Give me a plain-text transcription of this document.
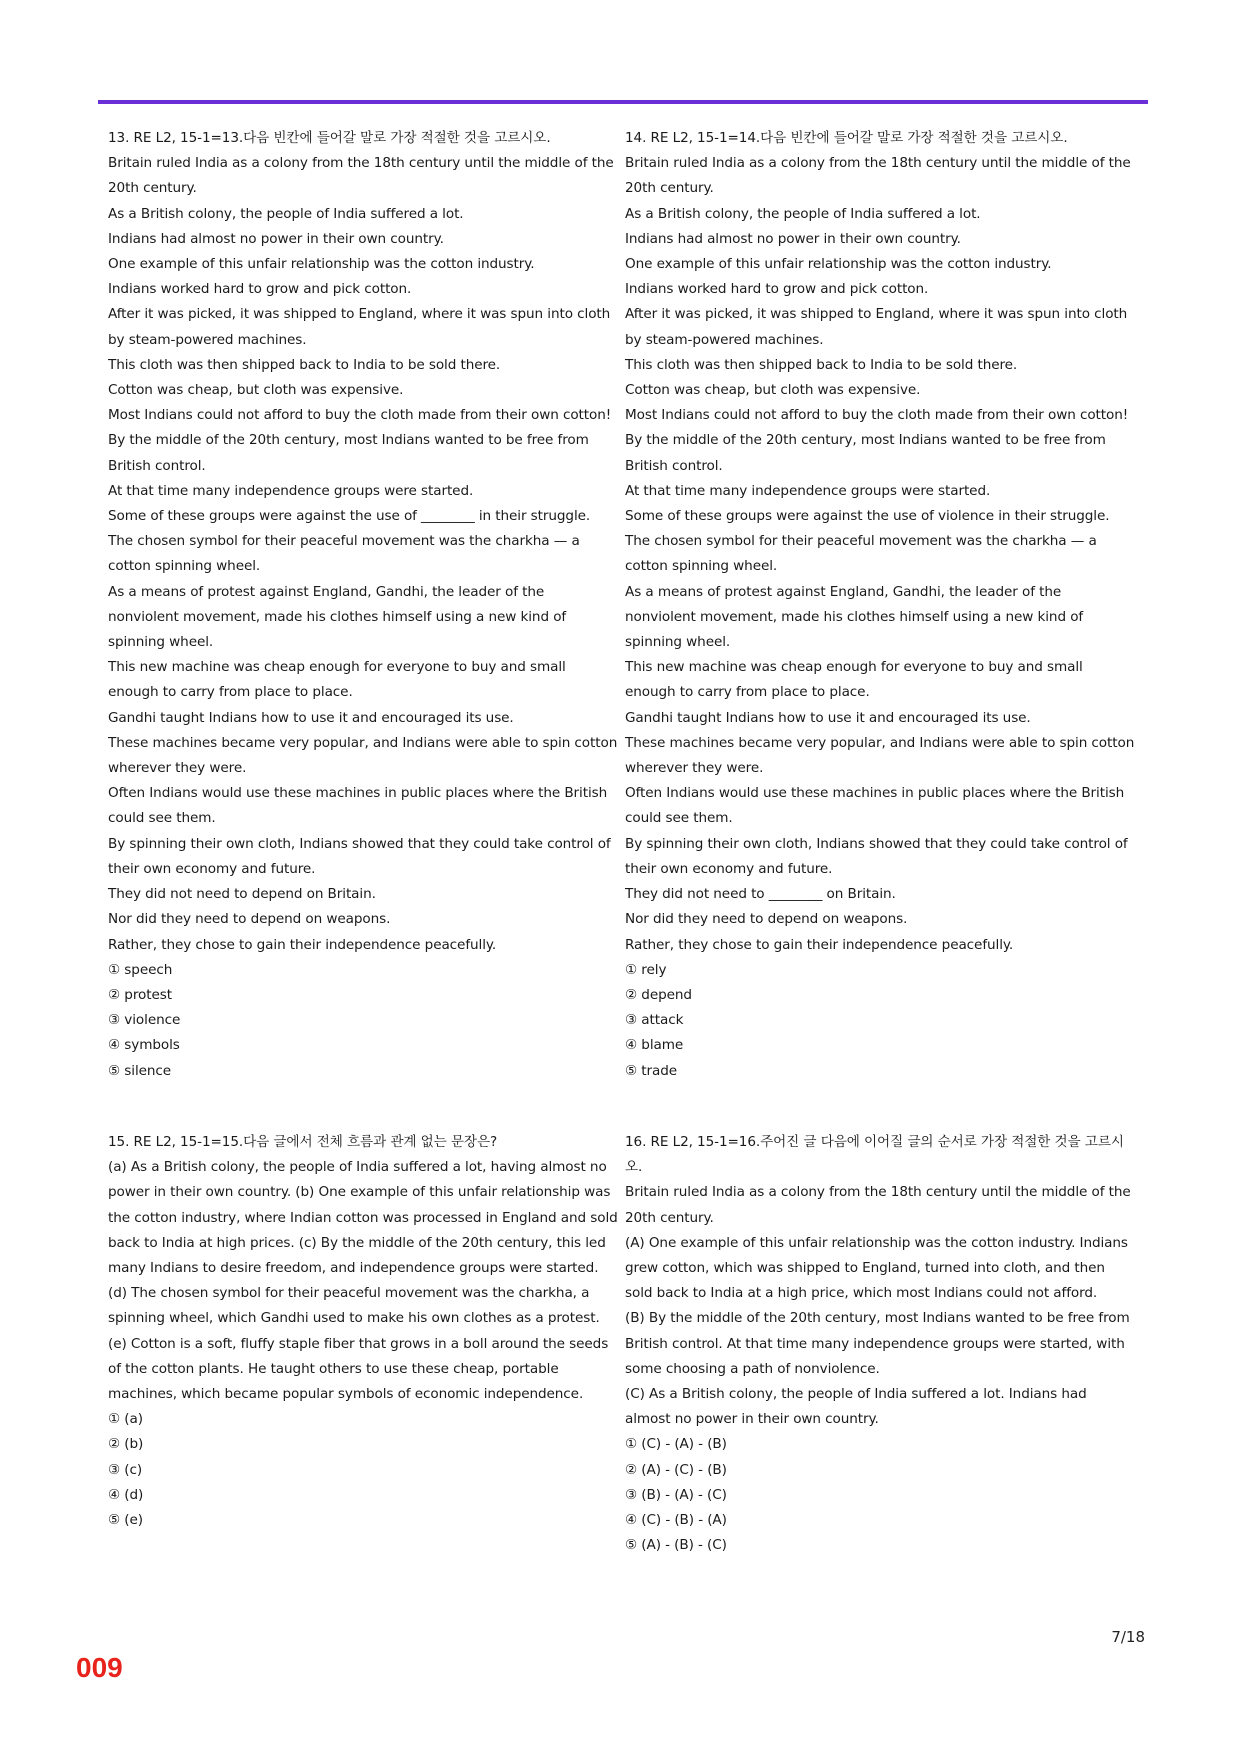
13. RE L2, 15-1=13.다음 빈칸에 들어갈 말로 가장 적절한 것을 고르시오.

Britain ruled India as a colony from the 18th century until the middle of the 20th century.

As a British colony, the people of India suffered a lot.

Indians had almost no power in their own country.

One example of this unfair relationship was the cotton industry.

Indians worked hard to grow and pick cotton.

After it was picked, it was shipped to England, where it was spun into cloth by steam-powered machines.

This cloth was then shipped back to India to be sold there.

Cotton was cheap, but cloth was expensive.

Most Indians could not afford to buy the cloth made from their own cotton!

By the middle of the 20th century, most Indians wanted to be free from British control.

At that time many independence groups were started.

Some of these groups were against the use of ________ in their struggle.

The chosen symbol for their peaceful movement was the charkha — a cotton spinning wheel.

As a means of protest against England, Gandhi, the leader of the nonviolent movement, made his clothes himself using a new kind of spinning wheel.

This new machine was cheap enough for everyone to buy and small enough to carry from place to place.

Gandhi taught Indians how to use it and encouraged its use.

These machines became very popular, and Indians were able to spin cotton wherever they were.

Often Indians would use these machines in public places where the British could see them.

By spinning their own cloth, Indians showed that they could take control of their own economy and future.

They did not need to depend on Britain.

Nor did they need to depend on weapons.

Rather, they chose to gain their independence peacefully.

① speech

② protest

③ violence

④ symbols

⑤ silence

14. RE L2, 15-1=14.다음 빈칸에 들어갈 말로 가장 적절한 것을 고르시오.

Britain ruled India as a colony from the 18th century until the middle of the 20th century.

As a British colony, the people of India suffered a lot.

Indians had almost no power in their own country.

One example of this unfair relationship was the cotton industry.

Indians worked hard to grow and pick cotton.

After it was picked, it was shipped to England, where it was spun into cloth by steam-powered machines.

This cloth was then shipped back to India to be sold there.

Cotton was cheap, but cloth was expensive.

Most Indians could not afford to buy the cloth made from their own cotton!

By the middle of the 20th century, most Indians wanted to be free from British control.

At that time many independence groups were started.

Some of these groups were against the use of violence in their struggle.

The chosen symbol for their peaceful movement was the charkha — a cotton spinning wheel.

As a means of protest against England, Gandhi, the leader of the nonviolent movement, made his clothes himself using a new kind of spinning wheel.

This new machine was cheap enough for everyone to buy and small enough to carry from place to place.

Gandhi taught Indians how to use it and encouraged its use.

These machines became very popular, and Indians were able to spin cotton wherever they were.

Often Indians would use these machines in public places where the British could see them.

By spinning their own cloth, Indians showed that they could take control of their own economy and future.

They did not need to ________ on Britain.

Nor did they need to depend on weapons.

Rather, they chose to gain their independence peacefully.

① rely

② depend

③ attack

④ blame

⑤ trade

15. RE L2, 15-1=15.다음 글에서 전체 흐름과 관계 없는 문장은?

(a) As a British colony, the people of India suffered a lot, having almost no power in their own country. (b) One example of this unfair relationship was the cotton industry, where Indian cotton was processed in England and sold back to India at high prices. (c) By the middle of the 20th century, this led many Indians to desire freedom, and independence groups were started. (d) The chosen symbol for their peaceful movement was the charkha, a spinning wheel, which Gandhi used to make his own clothes as a protest. (e) Cotton is a soft, fluffy staple fiber that grows in a boll around the seeds of the cotton plants. He taught others to use these cheap, portable machines, which became popular symbols of economic independence.

① (a)

② (b)

③ (c)

④ (d)

⑤ (e)

16. RE L2, 15-1=16.주어진 글 다음에 이어질 글의 순서로 가장 적절한 것을 고르시오.

Britain ruled India as a colony from the 18th century until the middle of the 20th century.

(A) One example of this unfair relationship was the cotton industry. Indians grew cotton, which was shipped to England, turned into cloth, and then sold back to India at a high price, which most Indians could not afford.

(B) By the middle of the 20th century, most Indians wanted to be free from British control. At that time many independence groups were started, with some choosing a path of nonviolence.

(C) As a British colony, the people of India suffered a lot. Indians had almost no power in their own country.

① (C) - (A) - (B)

② (A) - (C) - (B)

③ (B) - (A) - (C)

④ (C) - (B) - (A)

⑤ (A) - (B) - (C)

7/18
009
